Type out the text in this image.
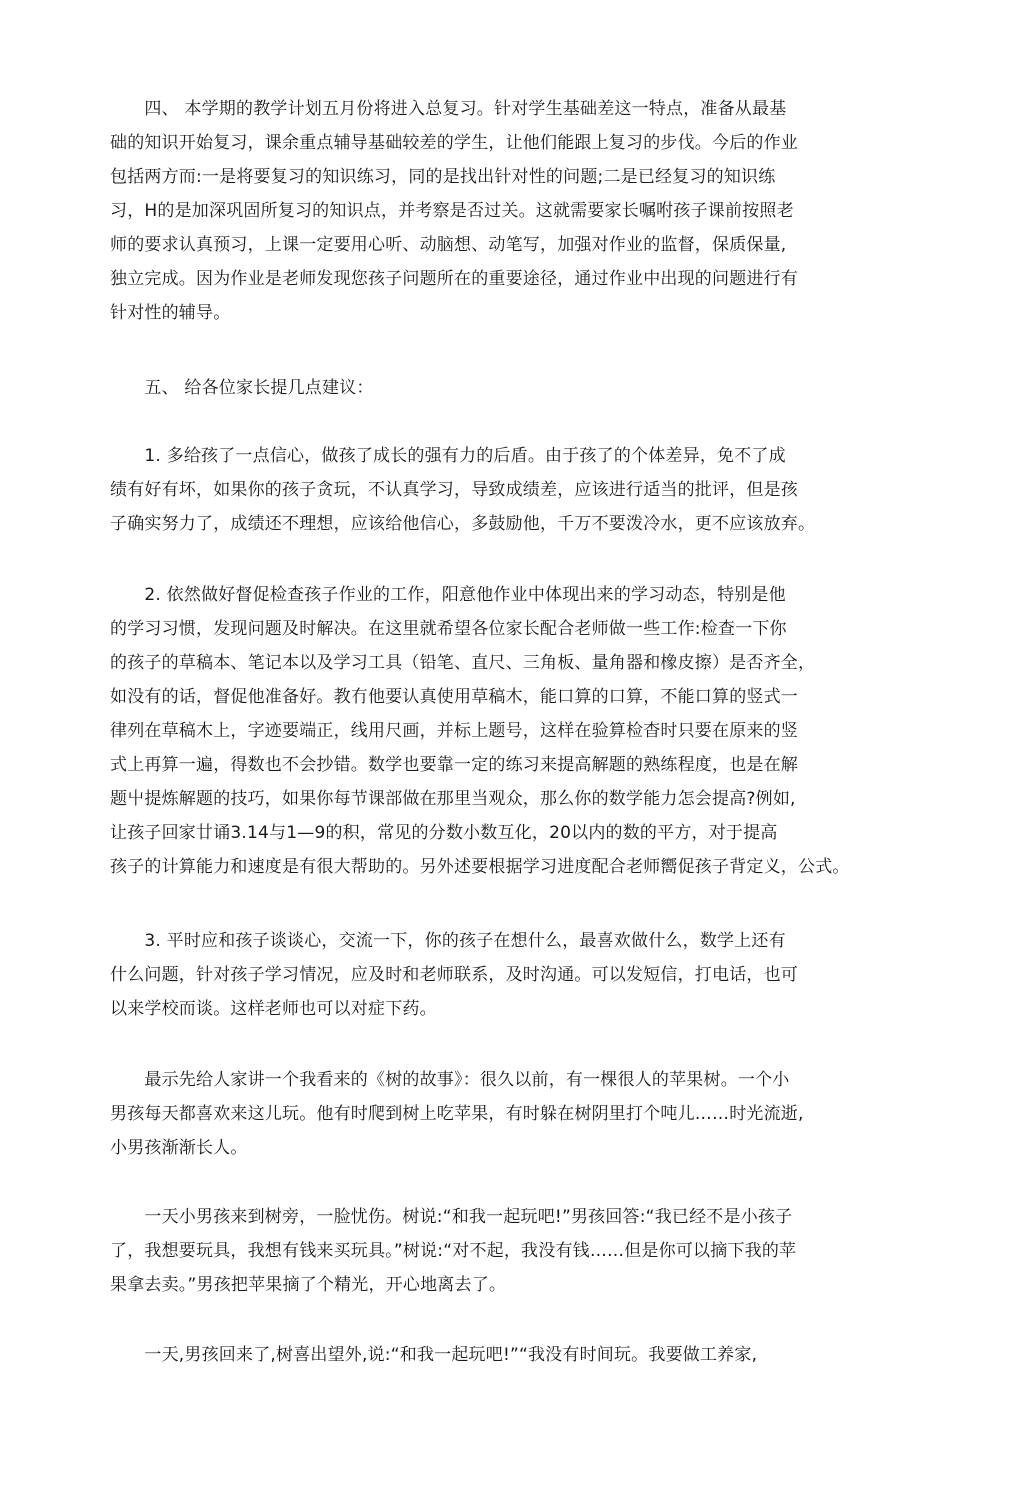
　　四、 本学期的教学计划五月份将进入总复习。针对学生基础差这一特点，准备从最基
础的知识开始复习，课余重点辅导基础较差的学生，让他们能跟上复习的步伐。今后的作业
包括两方而:一是将要复习的知识练习，同的是找出针对性的问题;二是已经复习的知识练
习，H的是加深巩固所复习的知识点，并考察是否过关。这就需要家长嘱咐孩子课前按照老
师的要求认真预习，上课一定要用心听、动脑想、动笔写，加强对作业的监督，保质保量,
独立完成。因为作业是老师发现您孩子问题所在的重要途径，通过作业中出现的问题进行有
针对性的辅导。
　　五、 给各位家长提几点建议：
　　1. 多给孩了一点信心，做孩了成长的强有力的后盾。由于孩了的个体差异，免不了成
绩有好有坏，如果你的孩子贪玩，不认真学习，导致成绩差，应该进行适当的批评，但是孩
子确实努力了，成绩还不理想，应该给他信心，多鼓励他，千万不要泼冷水，更不应该放弃。
　　2. 依然做好督促检查孩子作业的工作，阳意他作业中体现出来的学习动态，特别是他
的学习习惯，发现问题及时解决。在这里就希望各位家长配合老师做一些工作:检查一下你
的孩子的草稿本、笔记本以及学习工具（铅笔、直尺、三角板、量角器和橡皮擦）是否齐全，
如没有的话，督促他准备好。教冇他要认真使用草稿木，能口算的口算，不能口算的竖式一
律列在草稿木上，字迹要端正，线用尺画，并标上题号，这样在验算检杳时只要在原来的竖
式上再算一遍，得数也不会抄错。数学也要靠一定的练习来提高解题的熟练程度，也是在解
题屮提炼解题的技巧，如果你每节课部做在那里当观众，那么你的数学能力怎会提高?例如,
让孩子回家廿诵3.14与1—9的积，常见的分数小数互化，20以内的数的平方，对于提高
孩子的计算能力和速度是有很大帮助的。另外述要根据学习进度配合老师嚮促孩子背定义，公式。
　　3. 平时应和孩子谈谈心，交流一下，你的孩子在想什么，最喜欢做什么，数学上还有
什么问题，针对孩子学习情况，应及时和老师联系，及时沟通。可以发短信，打电话，也可
以来学校而谈。这样老师也可以对症下药。
　　最示先给人家讲一个我看来的《树的故事》：很久以前，有一棵很人的苹果树。一个小
男孩每天都喜欢来这儿玩。他有时爬到树上吃苹果，有时躲在树阴里打个吨儿……时光流逝,
小男孩渐渐长人。
　　一天小男孩来到树旁，一脸忧伤。树说:“和我一起玩吧!”男孩回答:“我已经不是小孩子
了，我想要玩具，我想有钱来买玩具。”树说:“对不起，我没有钱……但是你可以摘下我的苹
果拿去卖。”男孩把苹果摘了个精光，开心地离去了。
　　一天,男孩回来了,树喜出望外,说:“和我一起玩吧!”“我没有时间玩。我要做工养家,
